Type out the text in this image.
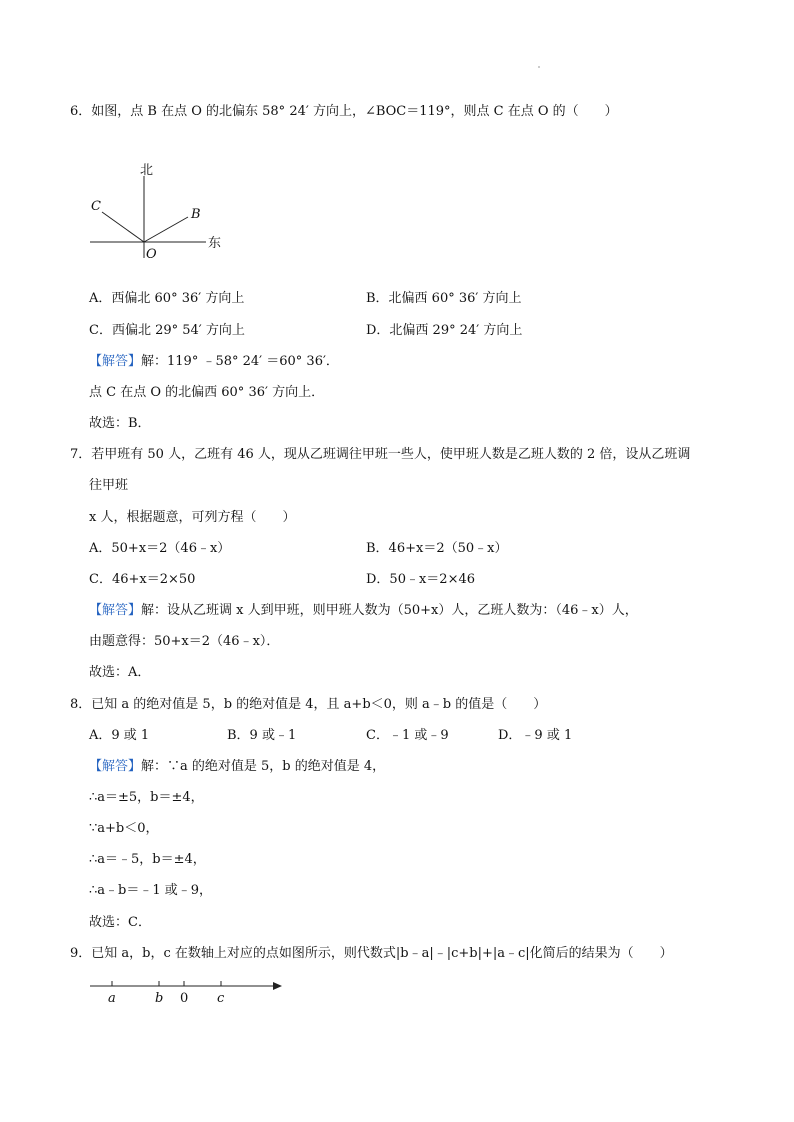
6．如图，点 B 在点 O 的北偏东 58° 24′ 方向上，∠BOC＝119°，则点 C 在点 O 的（　　）
北
东
C
B
O
A．西偏北 60° 36′ 方向上	B．北偏西 60° 36′ 方向上
C．西偏北 29° 54′ 方向上	D．北偏西 29° 24′ 方向上
【解答】解：119° ﹣58° 24′ ＝60° 36′．
点 C 在点 O 的北偏西 60° 36′ 方向上．
故选：B．
7．若甲班有 50 人，乙班有 46 人，现从乙班调往甲班一些人，使甲班人数是乙班人数的 2 倍，设从乙班调
往甲班
x 人，根据题意，可列方程（　　）
A．50+x＝2（46﹣x）	B．46+x＝2（50﹣x）
C．46+x＝2×50	D．50﹣x＝2×46
【解答】解：设从乙班调 x 人到甲班，则甲班人数为（50+x）人，乙班人数为：（46﹣x）人，
由题意得：50+x＝2（46﹣x）．
故选：A．
8．已知 a 的绝对值是 5，b 的绝对值是 4，且 a+b＜0，则 a﹣b 的值是（　　）
A．9 或 1	B．9 或﹣1	C．﹣1 或﹣9	D．﹣9 或 1
【解答】解：∵a 的绝对值是 5，b 的绝对值是 4，
∴a＝±5，b＝±4，
∵a+b＜0，
∴a＝﹣5，b＝±4，
∴a﹣b＝﹣1 或﹣9，
故选：C．
9．已知 a，b，c 在数轴上对应的点如图所示，则代数式|b﹣a|﹣|c+b|+|a﹣c|化简后的结果为（　　）
a	b 0 c
